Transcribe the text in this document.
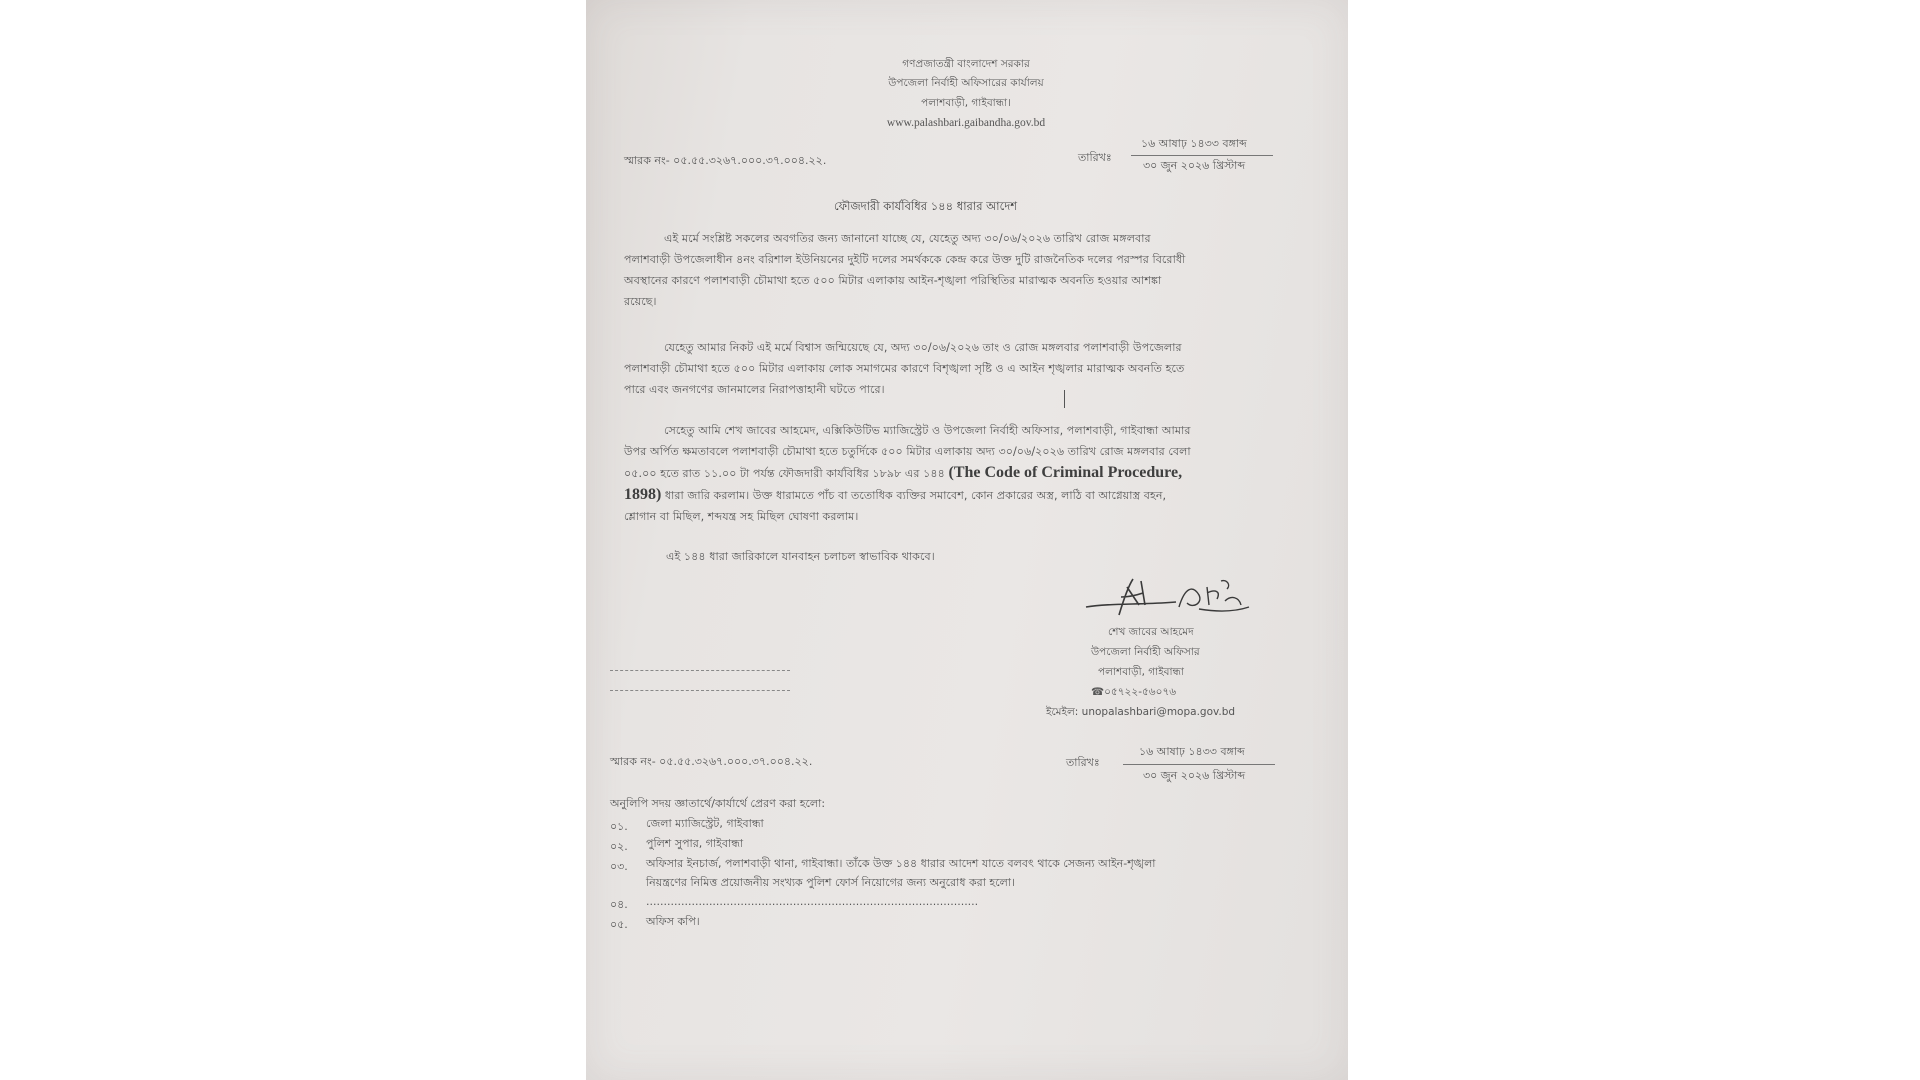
গণপ্রজাতন্ত্রী বাংলাদেশ সরকার
উপজেলা নির্বাহী অফিসারের কার্যালয়
পলাশবাড়ী, গাইবান্ধা।
www.palashbari.gaibandha.gov.bd
স্মারক নং- ০৫.৫৫.৩২৬৭.০০০.৩৭.০০৪.২২.	তারিখঃ
১৬ আষাঢ় ১৪৩৩ বঙ্গাব্দ
৩০ জুন ২০২৬ খ্রিস্টাব্দ
ফৌজদারী কার্যবিধির ১৪৪ ধারার আদেশ
এই মর্মে সংশ্লিষ্ট সকলের অবগতির জন্য জানানো যাচ্ছে যে, যেহেতু অদ্য ৩০/০৬/২০২৬ তারিখ রোজ মঙ্গলবার
পলাশবাড়ী উপজেলাধীন ৪নং বরিশাল ইউনিয়নের দুইটি দলের সমর্থককে কেন্দ্র করে উক্ত দুটি রাজনৈতিক দলের পরস্পর বিরোধী
অবস্থানের কারণে পলাশবাড়ী চৌমাথা হতে ৫০০ মিটার এলাকায় আইন-শৃঙ্খলা পরিস্থিতির মারাত্মক অবনতি হওয়ার আশঙ্কা
রয়েছে।
যেহেতু আমার নিকট এই মর্মে বিশ্বাস জন্মিয়েছে যে, অদ্য ৩০/০৬/২০২৬ তাং ও রোজ মঙ্গলবার পলাশবাড়ী উপজেলার
পলাশবাড়ী চৌমাথা হতে ৫০০ মিটার এলাকায় লোক সমাগমের কারণে বিশৃঙ্খলা সৃষ্টি ও এ আইন শৃঙ্খলার মারাত্মক অবনতি হতে
পারে এবং জনগণের জানমালের নিরাপত্তাহানী ঘটতে পারে।
সেহেতু আমি শেখ জাবের আহমেদ, এক্সিকিউটিভ ম্যাজিস্ট্রেট ও উপজেলা নির্বাহী অফিসার, পলাশবাড়ী, গাইবান্ধা আমার
উপর অর্পিত ক্ষমতাবলে পলাশবাড়ী চৌমাথা হতে চতুর্দিকে ৫০০ মিটার এলাকায় অদ্য ৩০/০৬/২০২৬ তারিখ রোজ মঙ্গলবার বেলা
০৫.০০ হতে রাত ১১.০০ টা পর্যন্ত ফৌজদারী কার্যবিধির ১৮৯৮ এর ১৪৪ (The Code of Criminal Procedure,
1898) ধারা জারি করলাম। উক্ত ধারামতে পাঁচ বা ততোধিক ব্যক্তির সমাবেশ, কোন প্রকারের অস্ত্র, লাঠি বা আগ্নেয়াস্ত্র বহন,
শ্লোগান বা মিছিল, শব্দযন্ত্র সহ মিছিল ঘোষণা করলাম।
এই ১৪৪ ধারা জারিকালে যানবাহন চলাচল স্বাভাবিক থাকবে।
শেখ জাবের আহমেদ
উপজেলা নির্বাহী অফিসার
পলাশবাড়ী, গাইবান্ধা
☎০৫৭২২-৫৬০৭৬
ইমেইল: unopalashbari@mopa.gov.bd
স্মারক নং- ০৫.৫৫.৩২৬৭.০০০.৩৭.০০৪.২২.	তারিখঃ
১৬ আষাঢ় ১৪৩৩ বঙ্গাব্দ
৩০ জুন ২০২৬ খ্রিস্টাব্দ
অনুলিপি সদয় জ্ঞাতার্থে/কার্যার্থে প্রেরণ করা হলো:
০১. জেলা ম্যাজিস্ট্রেট, গাইবান্ধা
০২. পুলিশ সুপার, গাইবান্ধা
০৩. অফিসার ইনচার্জ, পলাশবাড়ী থানা, গাইবান্ধা। তাঁকে উক্ত ১৪৪ ধারার আদেশ যাতে বলবৎ থাকে সেজন্য আইন-শৃঙ্খলা
নিয়ন্ত্রণের নিমিত্ত প্রয়োজনীয় সংখ্যক পুলিশ ফোর্স নিয়োগের জন্য অনুরোধ করা হলো।
০৪. ...............................................................................................
০৫. অফিস কপি।
